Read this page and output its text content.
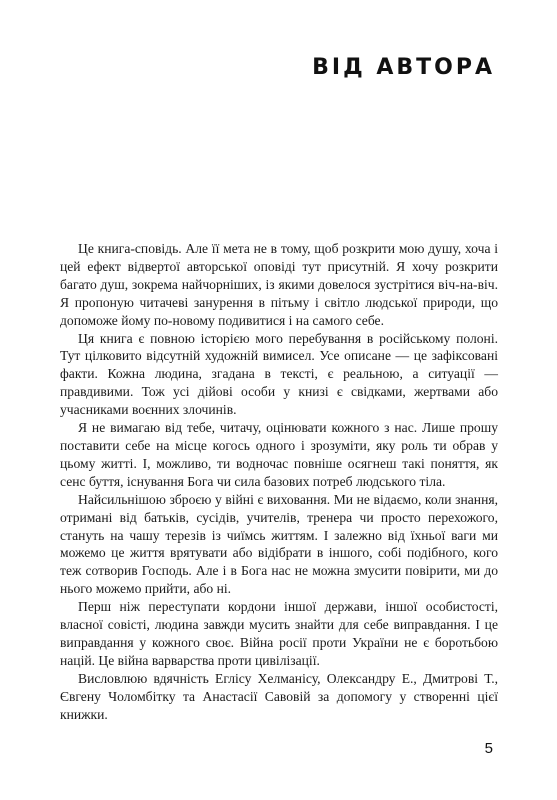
ВІД АВТОРА

Це книга-сповідь. Але її мета не в тому, щоб розкрити мою душу, хоча і цей ефект відвертої авторської оповіді тут присутній. Я хочу розкрити багато душ, зокрема найчорніших, із якими довелося зустрітися віч-на-віч. Я пропоную читачеві занурення в пітьму і світло людської природи, що допоможе йому по-новому подивитися і на самого себе.

Ця книга є повною історією мого перебування в російському полоні. Тут цілковито відсутній художній вимисел. Усе описане — це зафіксовані факти. Кожна людина, згадана в тексті, є реальною, а ситуації — правдивими. Тож усі дійові особи у книзі є свідками, жертвами або учасниками воєнних злочинів.

Я не вимагаю від тебе, читачу, оцінювати кожного з нас. Лише прошу поставити себе на місце когось одного і зрозуміти, яку роль ти обрав у цьому житті. І, можливо, ти водночас повніше осягнеш такі поняття, як сенс буття, існування Бога чи сила базових потреб людського тіла.

Найсильнішою зброєю у війні є виховання. Ми не відаємо, коли знання, отримані від батьків, сусідів, учителів, тренера чи просто перехожого, стануть на чашу терезів із чиїмсь життям. І залежно від їхньої ваги ми можемо це життя врятувати або відібрати в іншого, собі подібного, кого теж сотворив Господь. Але і в Бога нас не можна змусити повірити, ми до нього можемо прийти, або ні.

Перш ніж переступати кордони іншої держави, іншої особистості, власної совісті, людина завжди мусить знайти для себе виправдання. І це виправдання у кожного своє. Війна росії проти України не є боротьбою націй. Це війна варварства проти цивілізації.

Висловлюю вдячність Еглісу Хелманісу, Олександру Е., Дмитрові Т., Євгену Чоломбітку та Анастасії Савовій за допомогу у створенні цієї книжки.

5
